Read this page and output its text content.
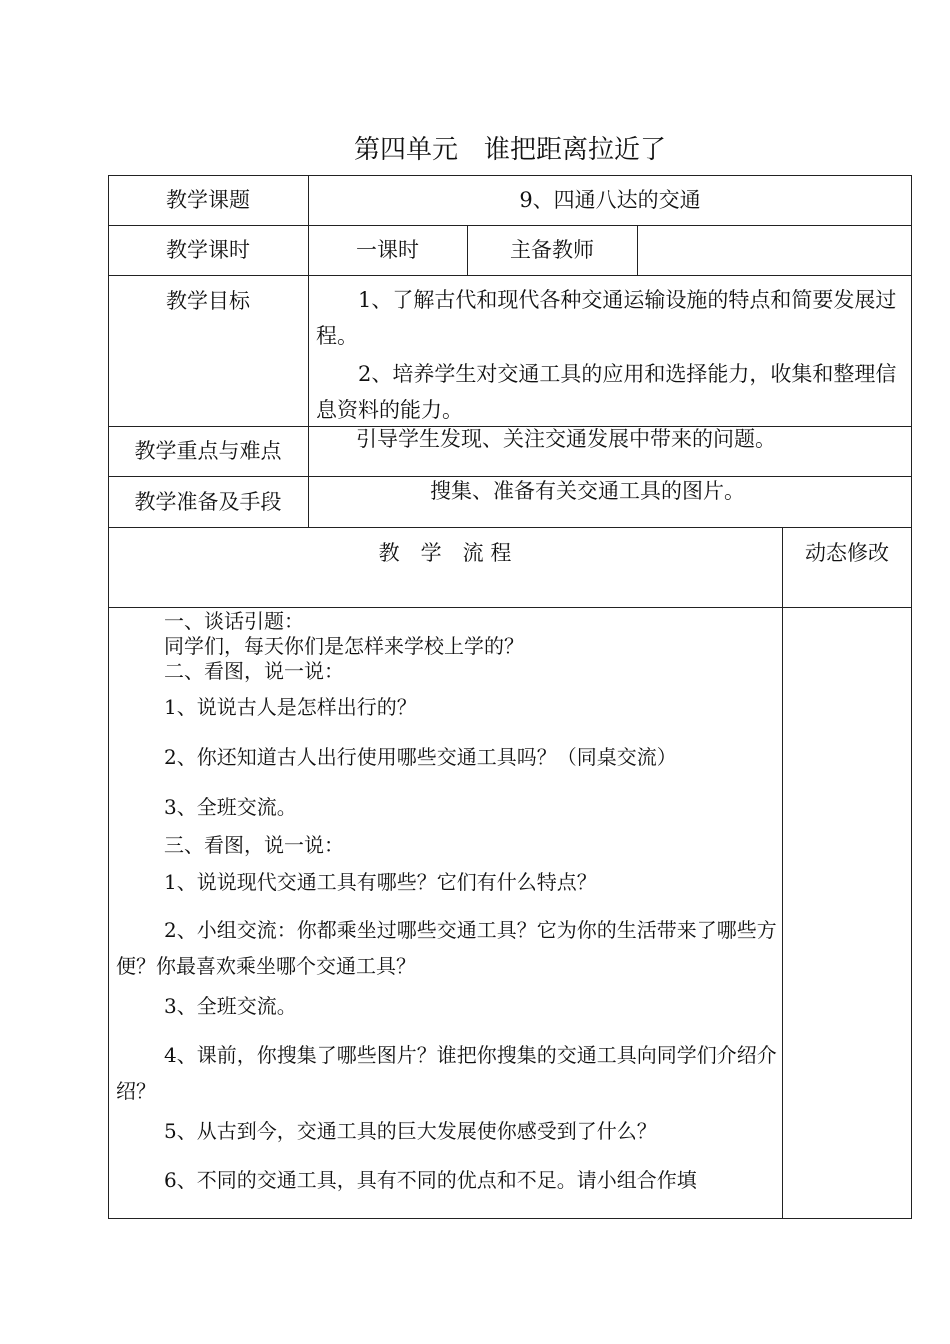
第四单元　谁把距离拉近了
教学课题	9、四通八达的交通
教学课时	一课时	主备教师
教学目标	1、了解古代和现代各种交通运输设施的特点和简要发展过程。
2、培养学生对交通工具的应用和选择能力，收集和整理信息资料的能力。
教学重点与难点	引导学生发现、关注交通发展中带来的问题。
教学准备及手段	搜集、准备有关交通工具的图片。
教　学　流 程	动态修改
一、谈话引题：
同学们，每天你们是怎样来学校上学的？
二、看图，说一说：
1、说说古人是怎样出行的？
2、你还知道古人出行使用哪些交通工具吗？（同桌交流）
3、全班交流。
三、看图，说一说：
1、说说现代交通工具有哪些？它们有什么特点？
2、小组交流：你都乘坐过哪些交通工具？它为你的生活带来了哪些方便？你最喜欢乘坐哪个交通工具？
3、全班交流。
4、课前，你搜集了哪些图片？谁把你搜集的交通工具向同学们介绍介绍？
5、从古到今，交通工具的巨大发展使你感受到了什么？
6、不同的交通工具，具有不同的优点和不足。请小组合作填
